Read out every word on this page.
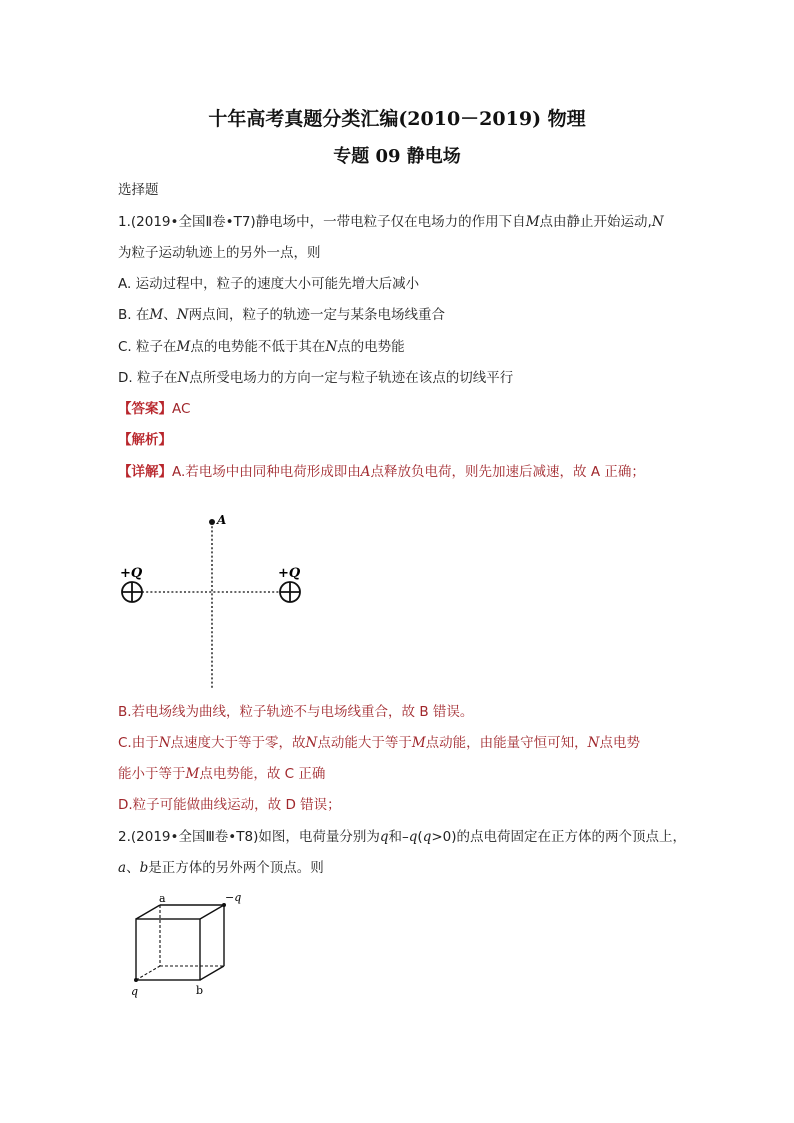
十年高考真题分类汇编(2010－2019) 物理
专题 09 静电场
选择题
1.(2019•全国Ⅱ卷•T7)静电场中，一带电粒子仅在电场力的作用下自M点由静止开始运动,N
为粒子运动轨迹上的另外一点，则
A. 运动过程中，粒子的速度大小可能先增大后减小
B. 在M、N两点间，粒子的轨迹一定与某条电场线重合
C. 粒子在M点的电势能不低于其在N点的电势能
D. 粒子在N点所受电场力的方向一定与粒子轨迹在该点的切线平行
【答案】AC
【解析】
【详解】A.若电场中由同种电荷形成即由A点释放负电荷，则先加速后减速，故 A 正确；
A
+Q	+Q
B.若电场线为曲线，粒子轨迹不与电场线重合，故 B 错误。
C.由于N点速度大于等于零，故N点动能大于等于M点动能，由能量守恒可知，N点电势
能小于等于M点电势能，故 C 正确
D.粒子可能做曲线运动，故 D 错误；
2.(2019•全国Ⅲ卷•T8)如图，电荷量分别为q和–q(q>0)的点电荷固定在正方体的两个顶点上，
a、b是正方体的另外两个顶点。则
a	−q
q	b
